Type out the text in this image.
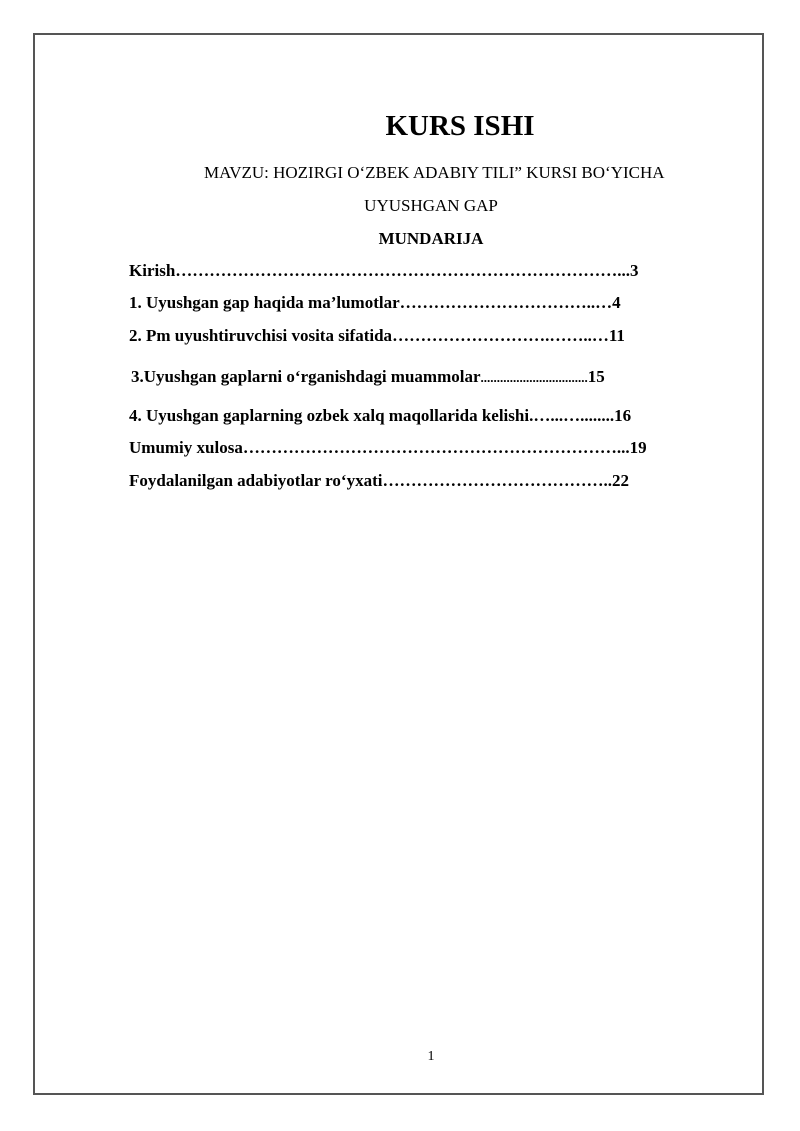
KURS ISHI
MAVZU: HOZIRGI O‘ZBEK ADABIY TILI” KURSI BO‘YICHA
UYUSHGAN GAP
MUNDARIJA
Kirish……………………………………………………………………...3
1. Uyushgan gap haqida ma’lumotlar……………………………..…4
2. Pm uyushtiruvchisi vosita sifatida……………………….……..…11
3.Uyushgan gaplarni o‘rganishdagi muammolar.................................15
4. Uyushgan gaplarning ozbek xalq maqollarida kelishi.…...…........16
Umumiy xulosa…………………………………………………………...19
Foydalanilgan adabiyotlar ro‘yxati…………………………………..22
1
